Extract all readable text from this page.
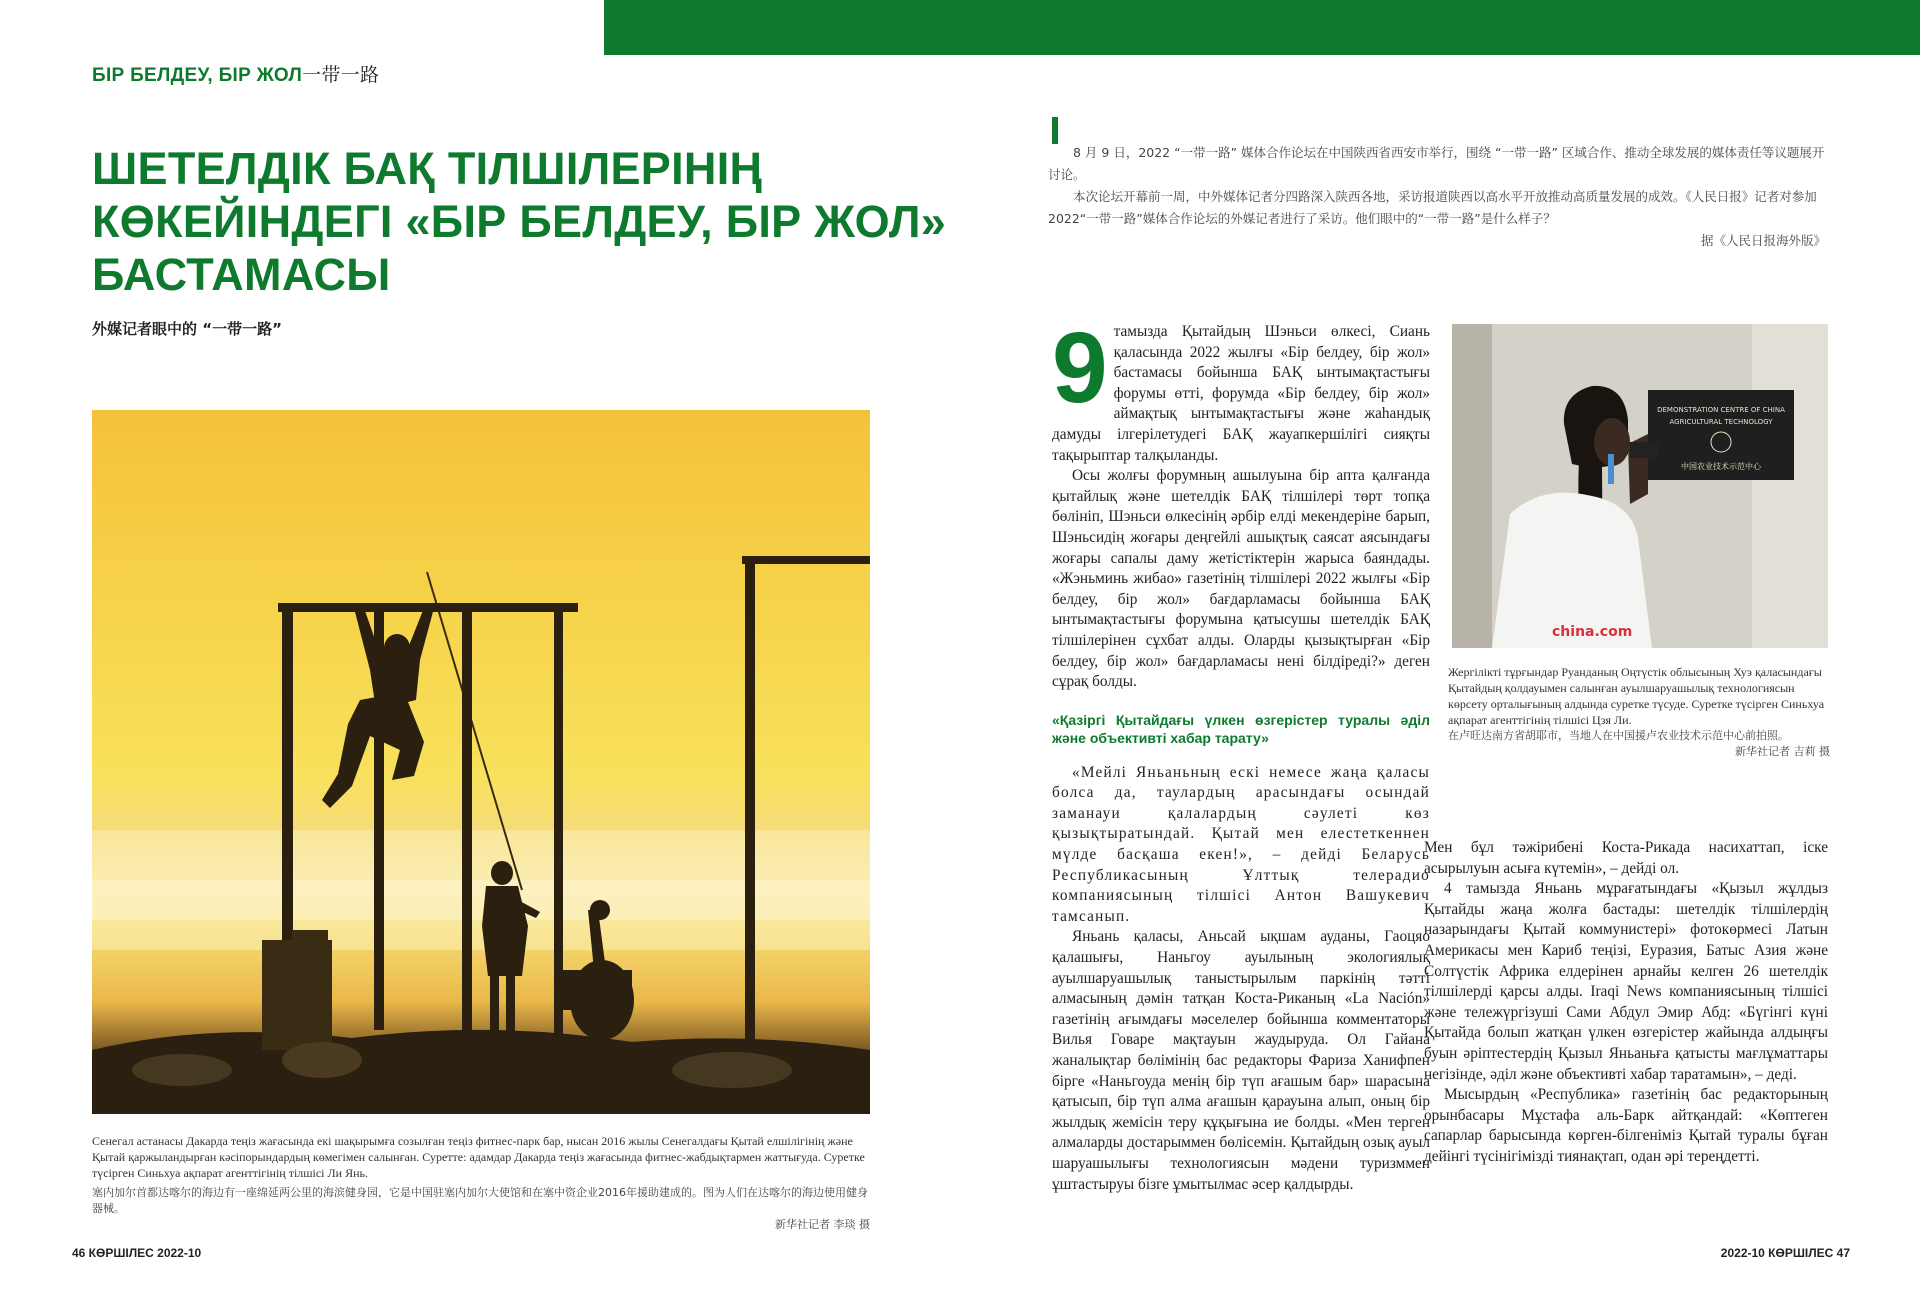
БІР БЕЛДЕУ, БІР ЖОЛ一带一路
ШЕТЕЛДІК БАҚ ТІЛШІЛЕРІНІҢ
КӨКЕЙІНДЕГІ «БІР БЕЛДЕУ, БІР ЖОЛ»
БАСТАМАСЫ
外媒记者眼中的 “一带一路”
Сенегал астанасы Дакарда теңіз жағасында екі шақырымға созылған теңіз фитнес-парк бар, нысан 2016 жылы Сенегалдағы Қытай елшілігінің және Қытай қаржыландырған кәсіпорындардың көмегімен салынған. Суретте: адамдар Дакарда теңіз жағасында фитнес-жабдықтармен жаттығуда. Суретке түсірген Синьхуа ақпарат агенттігінің тілшісі Ли Янь.
塞内加尔首都达喀尔的海边有一座绵延两公里的海滨健身园，它是中国驻塞内加尔大使馆和在塞中资企业2016年援助建成的。图为人们在达喀尔的海边使用健身器械。
新华社记者 李琰 摄
46 КӨРШІЛЕС 2022-10

8 月 9 日，2022 “一带一路” 媒体合作论坛在中国陕西省西安市举行，围绕 “一带一路” 区域合作、推动全球发展的媒体责任等议题展开讨论。

本次论坛开幕前一周，中外媒体记者分四路深入陕西各地，采访报道陕西以高水平开放推动高质量发展的成效。《人民日报》记者对参加2022“一带一路”媒体合作论坛的外媒记者进行了采访。他们眼中的“一带一路”是什么样子？

据《人民日报海外版》

9 тамызда Қытайдың Шэньси өлкесі, Сиань қаласында 2022 жылғы «Бір белдеу, бір жол» бастамасы бойынша БАҚ ынтымақтастығы форумы өтті, форумда «Бір белдеу, бір жол» аймақтық ынтымақтастығы және жаһандық дамуды ілгерілетудегі БАҚ жауапкершілігі сияқты тақырыптар талқыланды.

Осы жолғы форумның ашылуына бір апта қалғанда қытайлық және шетелдік БАҚ тілшілері төрт топқа бөлініп, Шэньси өлкесінің әрбір елді мекендеріне барып, Шэньсидің жоғары деңгейлі ашықтық саясат аясындағы жоғары сапалы даму жетістіктерін жарыса баяндады. «Жэньминь жибао» газетінің тілшілері 2022 жылғы «Бір белдеу, бір жол» бағдарламасы бойынша БАҚ ынтымақтастығы форумына қатысушы шетелдік БАҚ тілшілерінен сұхбат алды. Оларды қызықтырған «Бір белдеу, бір жол» бағдарламасы нені білдіреді?» деген сұрақ болды.

«Қазіргі Қытайдағы үлкен өзгерістер туралы әділ және объективті хабар тарату»

«Мейлі Яньаньның ескі немесе жаңа қаласы болса да, таулардың арасындағы осындай заманауи қалалардың сәулеті көз қызықтыратындай. Қытай мен елестеткеннен мүлде басқаша екен!», – дейді Беларусь Республикасының Ұлттық телерадио компаниясының тілшісі Антон Вашукевич тамсанып.

Яньань қаласы, Аньсай ықшам ауданы, Гаоцяо қалашығы, Наньгоу ауылының экологиялық ауылшаруашылық таныстырылым паркінің тәтті алмасының дәмін татқан Коста-Риканың «La Nación» газетінің ағымдағы мәселелер бойынша комментаторы Вилья Говаре мақтауын жаудыруда. Ол Гайана жаналықтар бөлімінің бас редакторы Фариза Ханифпен бірге «Наньгоуда менің бір түп ағашым бар» шарасына қатысып, бір түп алма ағашын қарауына алып, оның бір жылдық жемісін теру құқығына ие болды. «Мен терген алмаларды достарыммен бөлісемін. Қытайдың озық ауыл шаруашылығы технологиясын мәдени туризммен ұштастыруы бізге ұмытылмас әсер қалдырды.

DEMONSTRATION CENTRE OF CHINA
AGRICULTURAL TECHNOLOGY
中国农业技术示范中心
china.com
Жергілікті тұрғындар Руанданың Оңтүстік облысының Хуэ қаласындағы Қытайдың қолдауымен салынған ауылшаруашылық технологиясын көрсету орталығының алдында суретке түсуде. Суретке түсірген Синьхуа ақпарат агенттігінің тілшісі Цзя Ли.
在卢旺达南方省胡耶市，当地人在中国援卢农业技术示范中心前拍照。
新华社记者 吉莉 摄

Мен бұл тәжірибені Коста-Рикада насихаттап, іске асырылуын асыға күтемін», – дейді ол.

4 тамызда Яньань мұрағатындағы «Қызыл жұлдыз Қытайды жаңа жолға бастады: шетелдік тілшілердің назарындағы Қытай коммунистері» фотокөрмесі Латын Америкасы мен Кариб теңізі, Еуразия, Батыс Азия және Солтүстік Африка елдерінен арнайы келген 26 шетелдік тілшілерді қарсы алды. Iraqi News компаниясының тілшісі және тележүргізуші Сами Абдул Эмир Абд: «Бүгінгі күні Қытайда болып жатқан үлкен өзгерістер жайында алдыңғы буын әріптестердің Қызыл Яньаньға қатысты мағлұматтары негізінде, әділ және объективті хабар таратамын», – деді.

Мысырдың «Республика» газетінің бас редакторының орынбасары Мұстафа аль-Барк айтқандай: «Көптеген сапарлар барысында көрген-білгеніміз Қытай туралы бұған дейінгі түсінігімізді тиянақтап, одан әрі тереңдетті.

2022-10 КӨРШІЛЕС 47
